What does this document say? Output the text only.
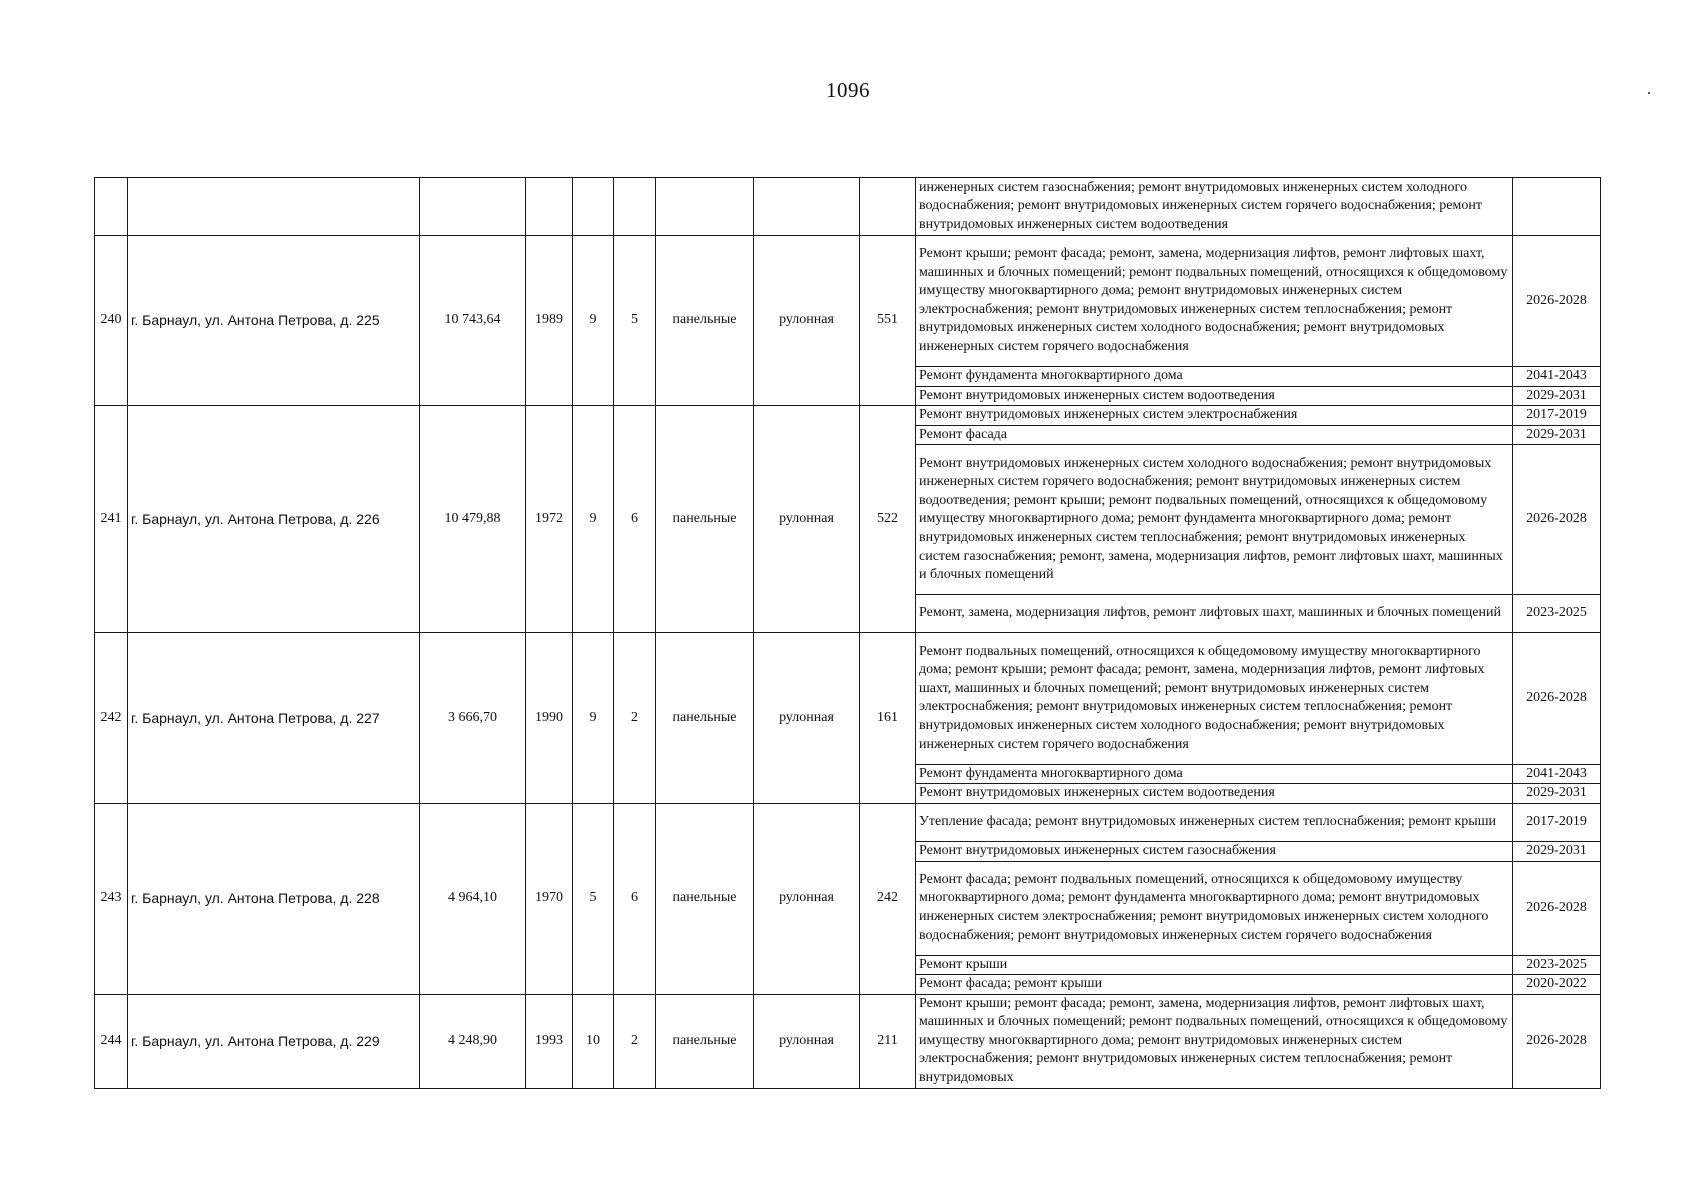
1096
									инженерных систем газоснабжения; ремонт внутридомовых инженерных систем холодного водоснабжения; ремонт внутридомовых инженерных систем горячего водоснабжения; ремонт внутридомовых инженерных систем водоотведения	
240	г. Барнаул, ул. Антона Петрова, д. 225	10 743,64	1989	9	5	панельные	рулонная	551	Ремонт крыши; ремонт фасада; ремонт, замена, модернизация лифтов, ремонт лифтовых шахт, машинных и блочных помещений; ремонт подвальных помещений, относящихся к общедомовому имуществу многоквартирного дома; ремонт внутридомовых инженерных систем электроснабжения; ремонт внутридомовых инженерных систем теплоснабжения; ремонт внутридомовых инженерных систем холодного водоснабжения; ремонт внутридомовых инженерных систем горячего водоснабжения	2026-2028
									Ремонт фундамента многоквартирного дома	2041-2043
									Ремонт внутридомовых инженерных систем водоотведения	2029-2031
241	г. Барнаул, ул. Антона Петрова, д. 226	10 479,88	1972	9	6	панельные	рулонная	522	Ремонт внутридомовых инженерных систем электроснабжения	2017-2019
									Ремонт фасада	2029-2031
									Ремонт внутридомовых инженерных систем холодного водоснабжения; ремонт внутридомовых инженерных систем горячего водоснабжения; ремонт внутридомовых инженерных систем водоотведения; ремонт крыши; ремонт подвальных помещений, относящихся к общедомовому имуществу многоквартирного дома; ремонт фундамента многоквартирного дома; ремонт внутридомовых инженерных систем теплоснабжения; ремонт внутридомовых инженерных систем газоснабжения; ремонт, замена, модернизация лифтов, ремонт лифтовых шахт, машинных и блочных помещений	2026-2028
									Ремонт, замена, модернизация лифтов, ремонт лифтовых шахт, машинных и блочных помещений	2023-2025
242	г. Барнаул, ул. Антона Петрова, д. 227	3 666,70	1990	9	2	панельные	рулонная	161	Ремонт подвальных помещений, относящихся к общедомовому имуществу многоквартирного дома; ремонт крыши; ремонт фасада; ремонт, замена, модернизация лифтов, ремонт лифтовых шахт, машинных и блочных помещений; ремонт внутридомовых инженерных систем электроснабжения; ремонт внутридомовых инженерных систем теплоснабжения; ремонт внутридомовых инженерных систем холодного водоснабжения; ремонт внутридомовых инженерных систем горячего водоснабжения	2026-2028
									Ремонт фундамента многоквартирного дома	2041-2043
									Ремонт внутридомовых инженерных систем водоотведения	2029-2031
243	г. Барнаул, ул. Антона Петрова, д. 228	4 964,10	1970	5	6	панельные	рулонная	242	Утепление фасада; ремонт внутридомовых инженерных систем теплоснабжения; ремонт крыши	2017-2019
									Ремонт внутридомовых инженерных систем газоснабжения	2029-2031
									Ремонт фасада; ремонт подвальных помещений, относящихся к общедомовому имуществу многоквартирного дома; ремонт фундамента многоквартирного дома; ремонт внутридомовых инженерных систем электроснабжения; ремонт внутридомовых инженерных систем холодного водоснабжения; ремонт внутридомовых инженерных систем горячего водоснабжения	2026-2028
									Ремонт крыши	2023-2025
									Ремонт фасада; ремонт крыши	2020-2022
244	г. Барнаул, ул. Антона Петрова, д. 229	4 248,90	1993	10	2	панельные	рулонная	211	Ремонт крыши; ремонт фасада; ремонт, замена, модернизация лифтов, ремонт лифтовых шахт, машинных и блочных помещений; ремонт подвальных помещений, относящихся к общедомовому имуществу многоквартирного дома; ремонт внутридомовых инженерных систем электроснабжения; ремонт внутридомовых инженерных систем теплоснабжения; ремонт внутридомовых	2026-2028
